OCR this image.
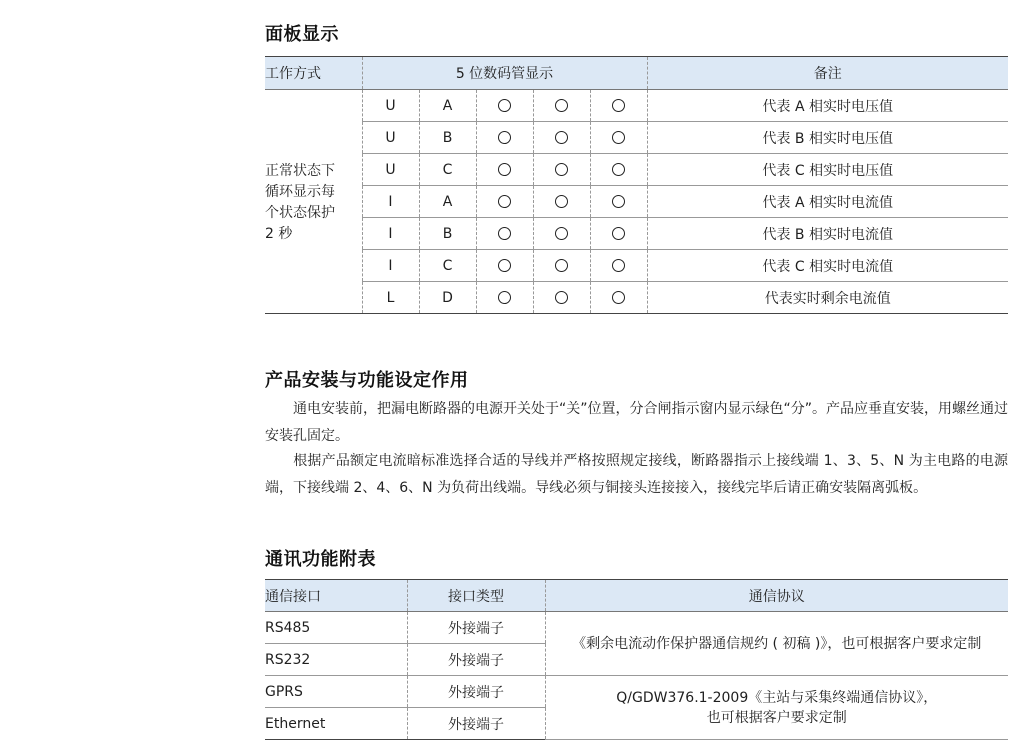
面板显示
工作方式	5 位数码管显示					备注

正常状态下
循环显示每
个状态保护
2 秒	U	A				代表 A 相实时电压值
	U	B				代表 B 相实时电压值
	U	C				代表 C 相实时电压值
	I	A				代表 A 相实时电流值
	I	B				代表 B 相实时电流值
	I	C				代表 C 相实时电流值
	L	D				代表实时剩余电流值
产品安装与功能设定作用

通电安装前，把漏电断路器的电源开关处于“关”位置，分合闸指示窗内显示绿色“分”。产品应垂直安装，用螺丝通过安装孔固定。

根据产品额定电流暗标准选择合适的导线并严格按照规定接线，断路器指示上接线端 1、3、5、N 为主电路的电源端，下接线端 2、4、6、N 为负荷出线端。导线必须与铜接头连接接入，接线完毕后请正确安装隔离弧板。

通讯功能附表
通信接口	接口类型	通信协议
RS485	外接端子	《剩余电流动作保护器通信规约 ( 初稿 )》，也可根据客户要求定制
RS232	外接端子	
GPRS	外接端子	Q/GDW376.1-2009《主站与采集终端通信协议》，
也可根据客户要求定制

Ethernet	外接端子	
